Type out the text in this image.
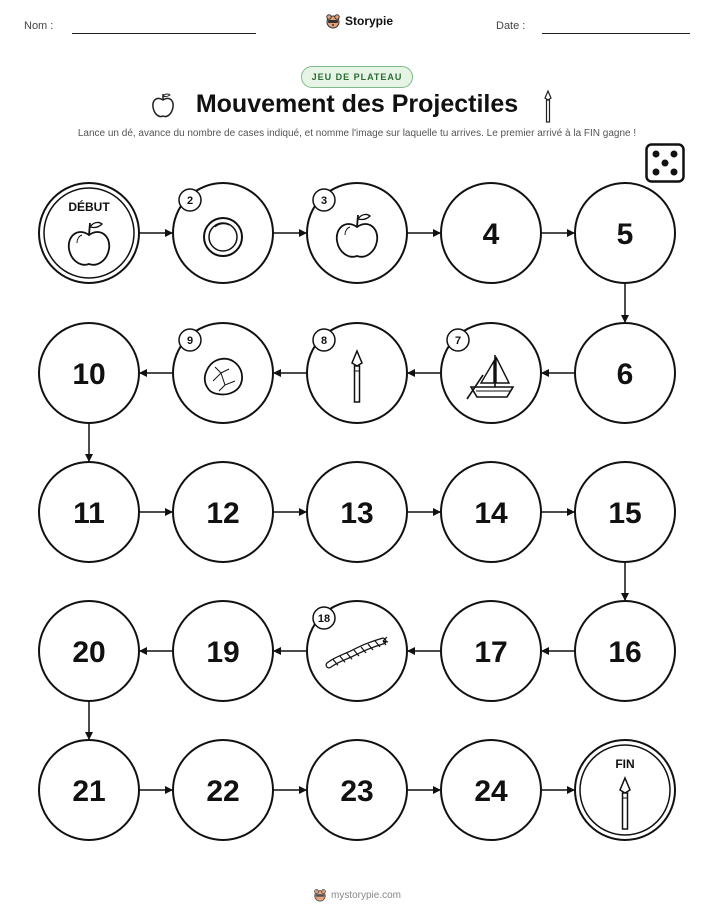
Nom :	Storypie	Date :
JEU DE PLATEAU
Mouvement des Projectiles
Lance un dé, avance du nombre de cases indiqué, et nomme l'image sur laquelle tu arrives. Le premier arrivé à la FIN gagne !
DÉBUT	2	3
4	5
6
7
8
9
10
11	12	13	14	15
16
17
18
19
20
21	22	23	24
FIN
mystorypie.com
